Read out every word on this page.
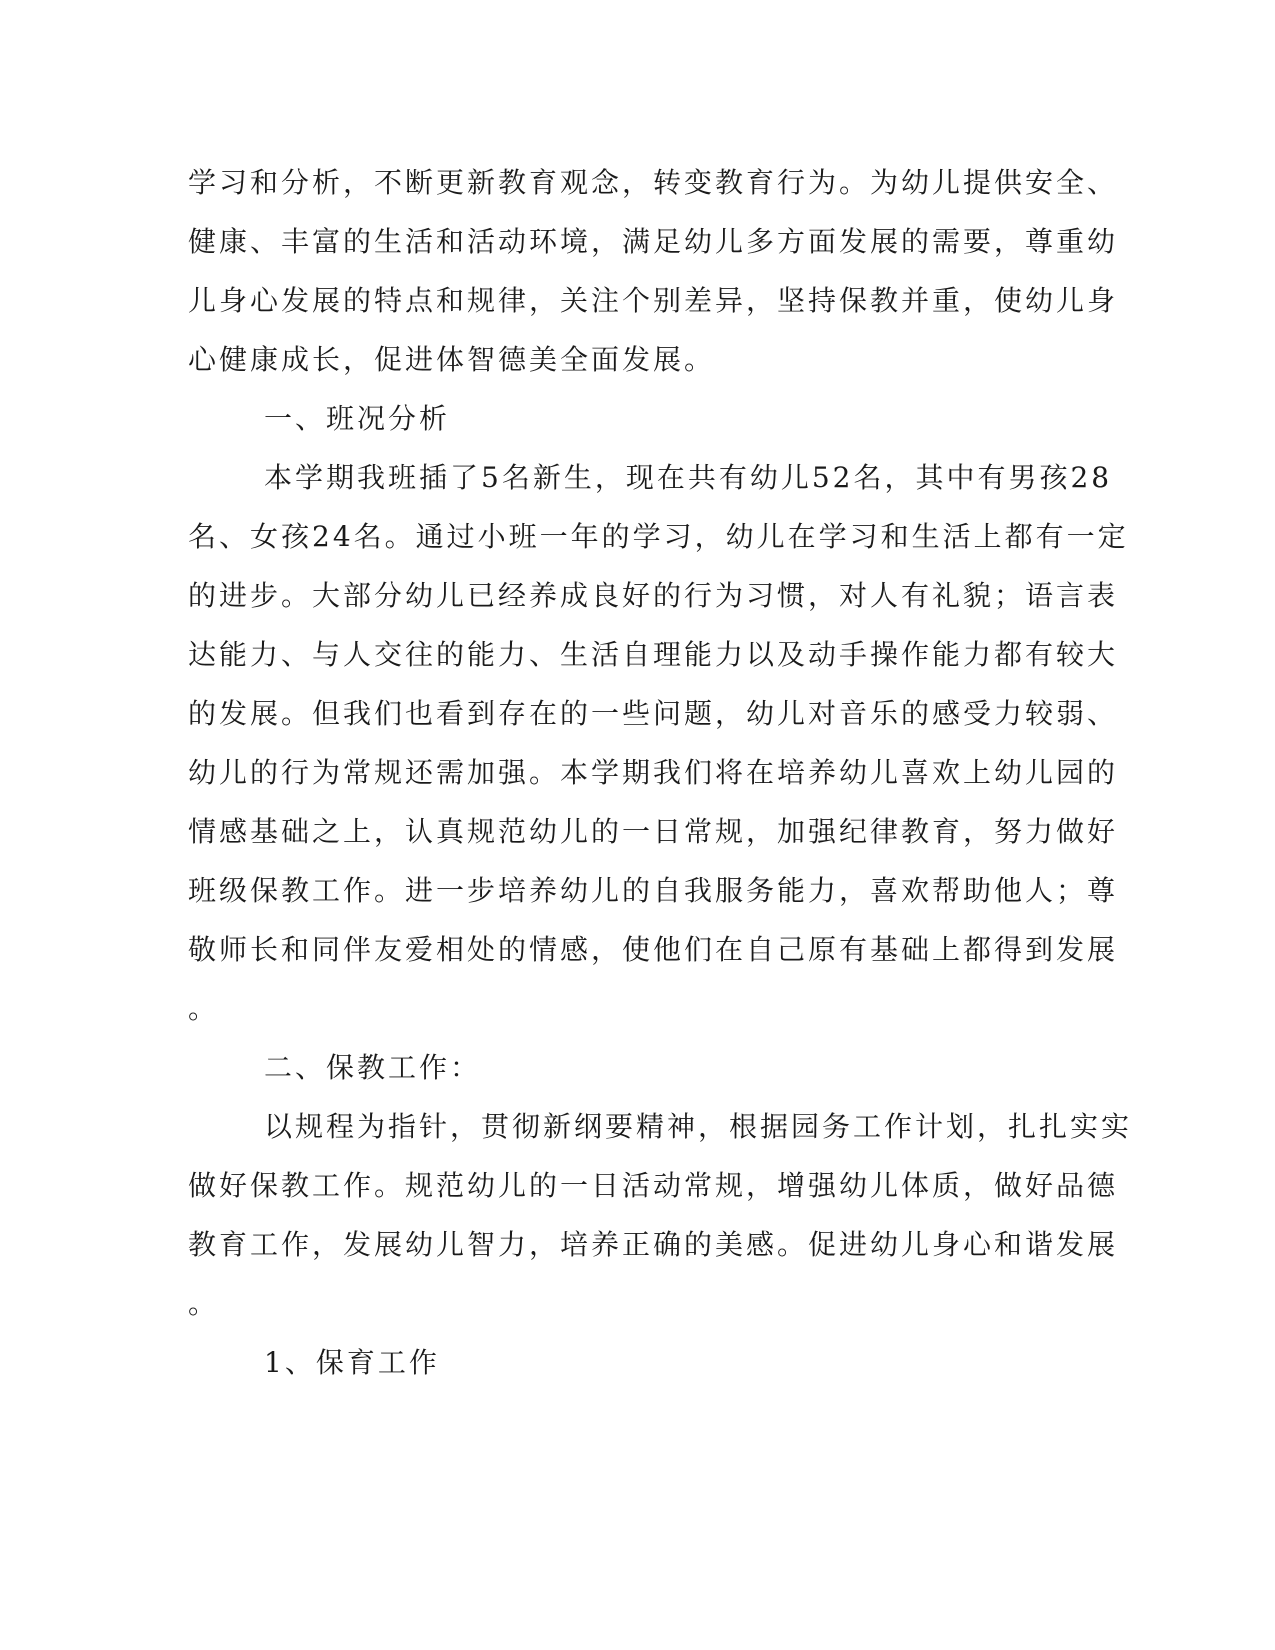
学习和分析，不断更新教育观念，转变教育行为。为幼儿提供安全、
健康、丰富的生活和活动环境，满足幼儿多方面发展的需要，尊重幼
儿身心发展的特点和规律，关注个别差异，坚持保教并重，使幼儿身
心健康成长，促进体智德美全面发展。
一、班况分析
本学期我班插了5名新生，现在共有幼儿52名，其中有男孩28
名、女孩24名。通过小班一年的学习，幼儿在学习和生活上都有一定
的进步。大部分幼儿已经养成良好的行为习惯，对人有礼貌；语言表
达能力、与人交往的能力、生活自理能力以及动手操作能力都有较大
的发展。但我们也看到存在的一些问题，幼儿对音乐的感受力较弱、
幼儿的行为常规还需加强。本学期我们将在培养幼儿喜欢上幼儿园的
情感基础之上，认真规范幼儿的一日常规，加强纪律教育，努力做好
班级保教工作。进一步培养幼儿的自我服务能力，喜欢帮助他人；尊
敬师长和同伴友爱相处的情感，使他们在自己原有基础上都得到发展
。
二、保教工作：
以规程为指针，贯彻新纲要精神，根据园务工作计划，扎扎实实
做好保教工作。规范幼儿的一日活动常规，增强幼儿体质，做好品德
教育工作，发展幼儿智力，培养正确的美感。促进幼儿身心和谐发展
。
1、保育工作
